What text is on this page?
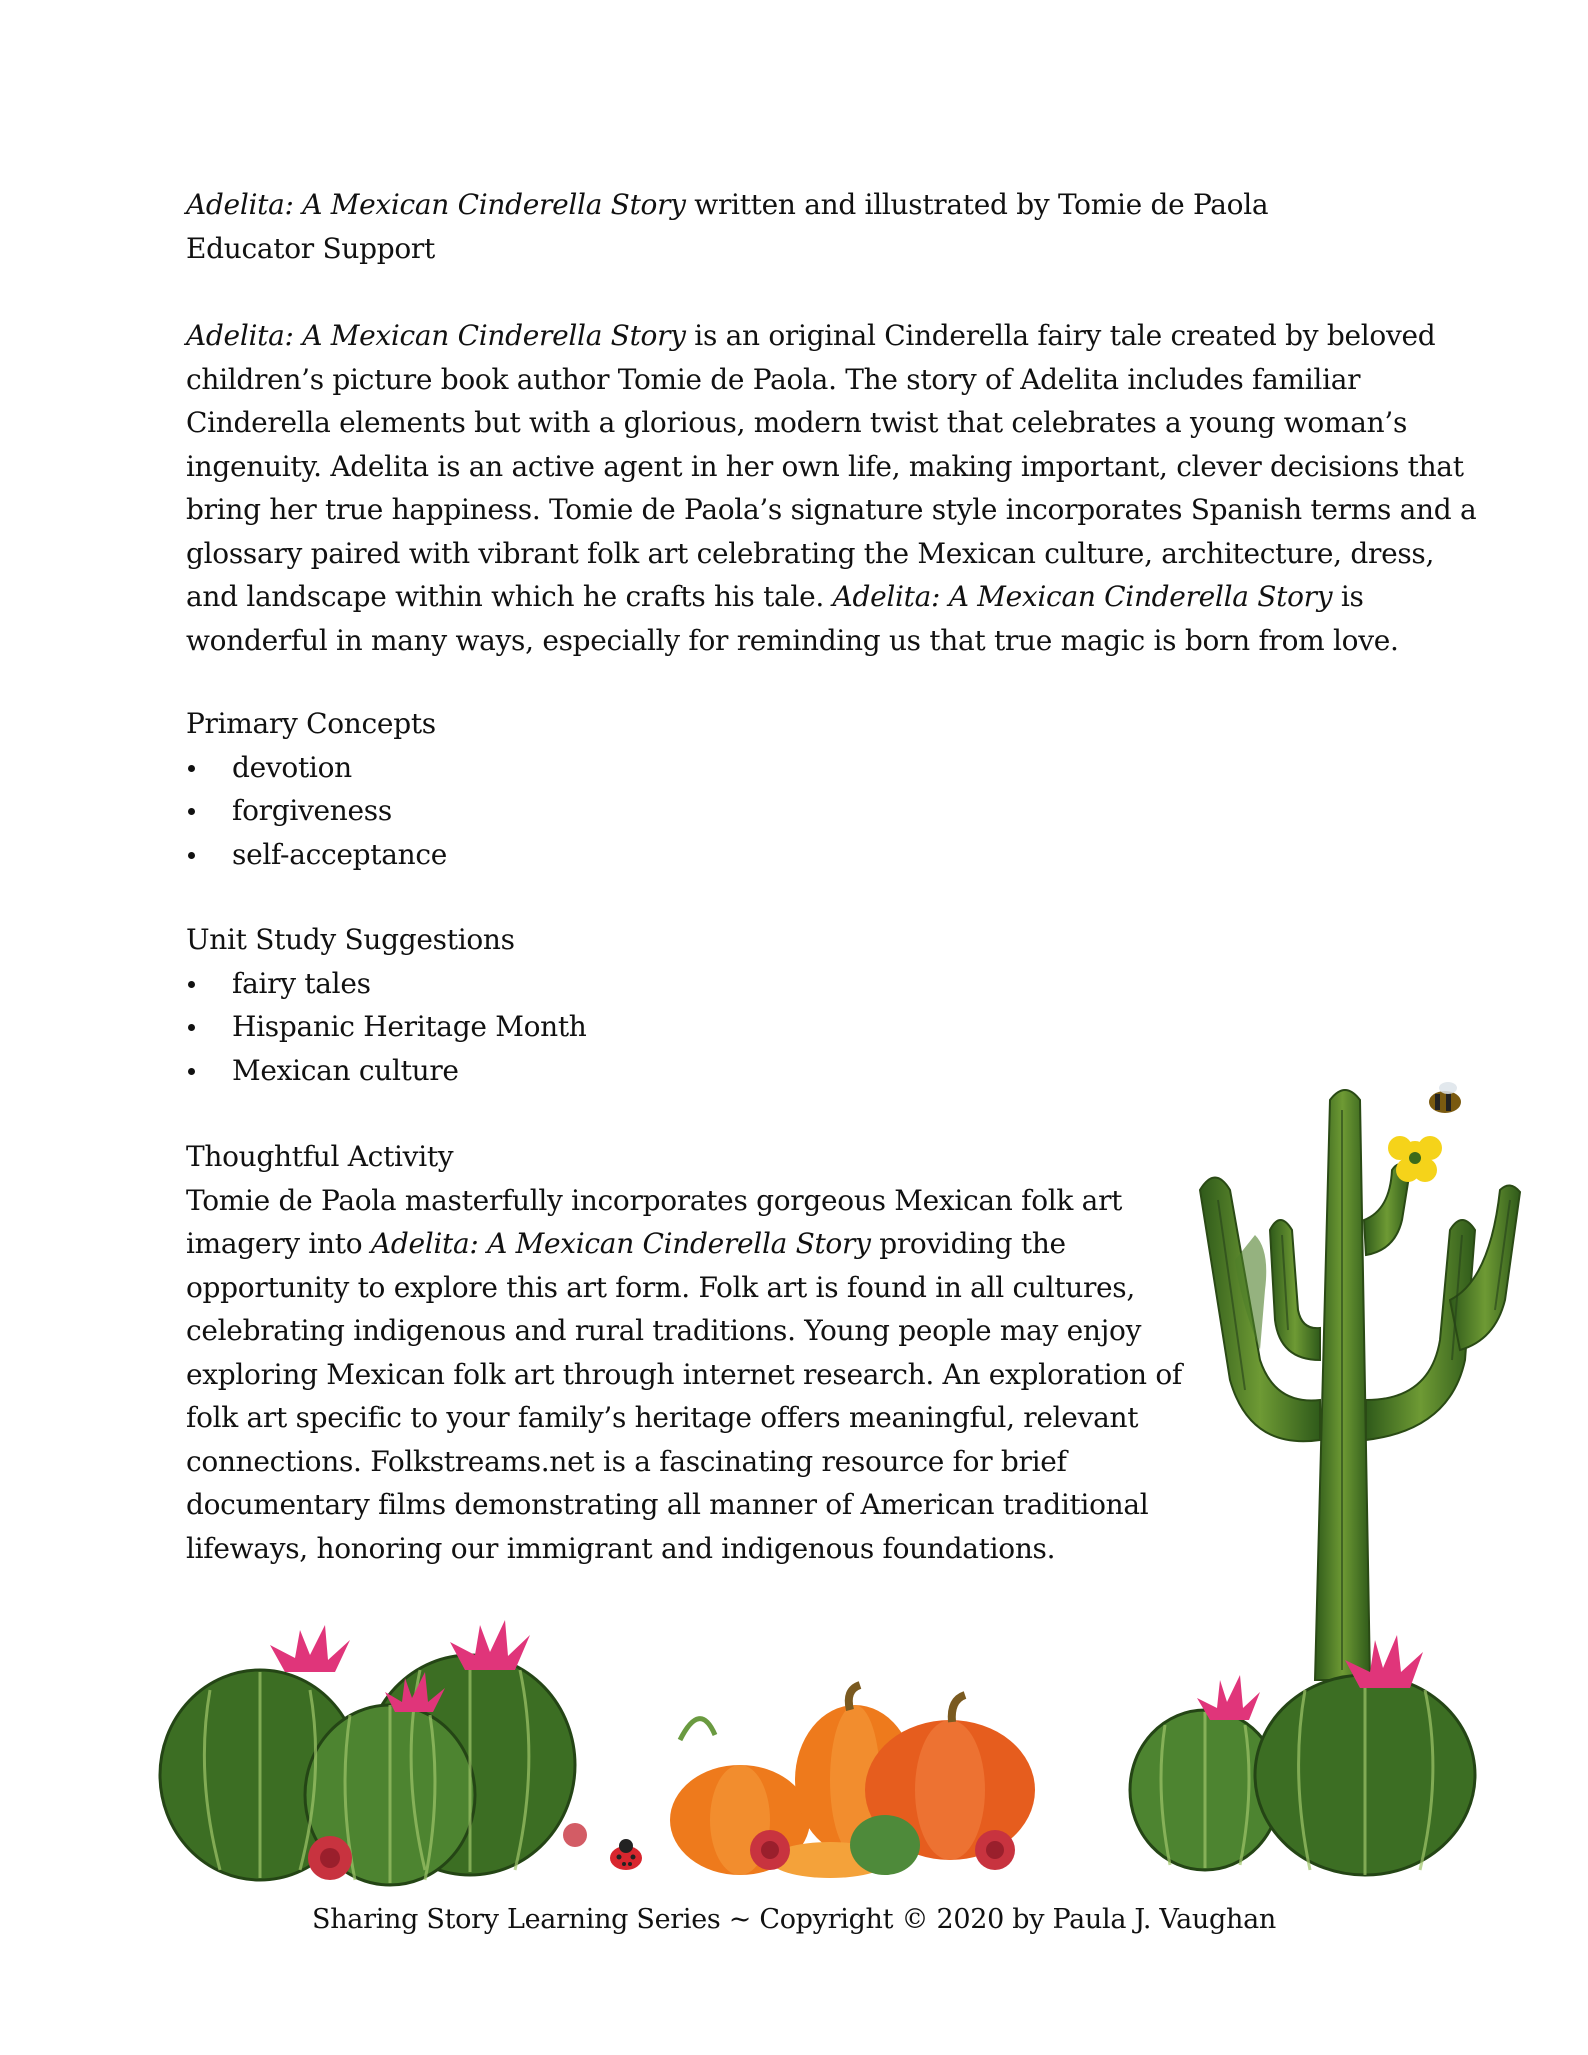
Adelita: A Mexican Cinderella Story written and illustrated by Tomie de Paola
Educator Support
Adelita: A Mexican Cinderella Story is an original Cinderella fairy tale created by beloved
children’s picture book author Tomie de Paola. The story of Adelita includes familiar
Cinderella elements but with a glorious, modern twist that celebrates a young woman’s
ingenuity. Adelita is an active agent in her own life, making important, clever decisions that
bring her true happiness. Tomie de Paola’s signature style incorporates Spanish terms and a
glossary paired with vibrant folk art celebrating the Mexican culture, architecture, dress,
and landscape within which he crafts his tale. Adelita: A Mexican Cinderella Story is
wonderful in many ways, especially for reminding us that true magic is born from love.
Primary Concepts
devotion
forgiveness
self-acceptance
Unit Study Suggestions
fairy tales
Hispanic Heritage Month
Mexican culture
Thoughtful Activity
Tomie de Paola masterfully incorporates gorgeous Mexican folk art
imagery into Adelita: A Mexican Cinderella Story providing the
opportunity to explore this art form. Folk art is found in all cultures,
celebrating indigenous and rural traditions. Young people may enjoy
exploring Mexican folk art through internet research. An exploration of
folk art specific to your family’s heritage offers meaningful, relevant
connections. Folkstreams.net is a fascinating resource for brief
documentary films demonstrating all manner of American traditional
lifeways, honoring our immigrant and indigenous foundations.
Sharing Story Learning Series ~ Copyright © 2020 by Paula J. Vaughan
